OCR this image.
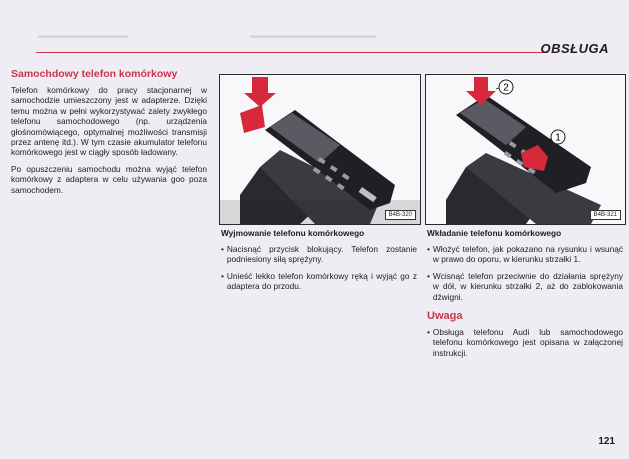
OBSŁUGA
▬▬▬▬▬▬▬▬▬▬	▬▬▬▬▬▬▬▬▬▬▬▬▬▬
Samochdowy telefon komórkowy

Telefon komórkowy do pracy stacjonarnej w samochodzie umieszczony jest w adapterze. Dzięki temu można w pełni wykorzystywać zalety zwykłego telefonu samochodowego (np. urządzenia głośnomówiącego, optymalnej możliwości transmisji przez antenę itd.). W tym czasie akumulator telefonu komórkowego jest w ciągły sposób ładowany.

Po opuszczeniu samochodu można wyjąć telefon komórkowy z adaptera w celu używania goo poza samochodem.

B4B-320
2
1
B4B-321
Wyjmowanie telefonu komórkowego
• Nacisnąć przycisk blokujący. Telefon zostanie podniesiony siłą sprężyny.
• Unieść lekko telefon komórkowy ręką i wyjąć go z adaptera do przodu.
Wkładanie telefonu komórkowego
• Włożyć telefon, jak pokazano na rysunku i wsunąć w prawo do oporu, w kierunku strzałki 1.
• Wcisnąć telefon przeciwnie do działania sprężyny w dół, w kierunku strzałki 2, aż do zablokowania dźwigni.
Uwaga
• Obsługa telefonu Audi lub samochodowego telefonu komórkowego jest opisana w załączonej instrukcji.
121
